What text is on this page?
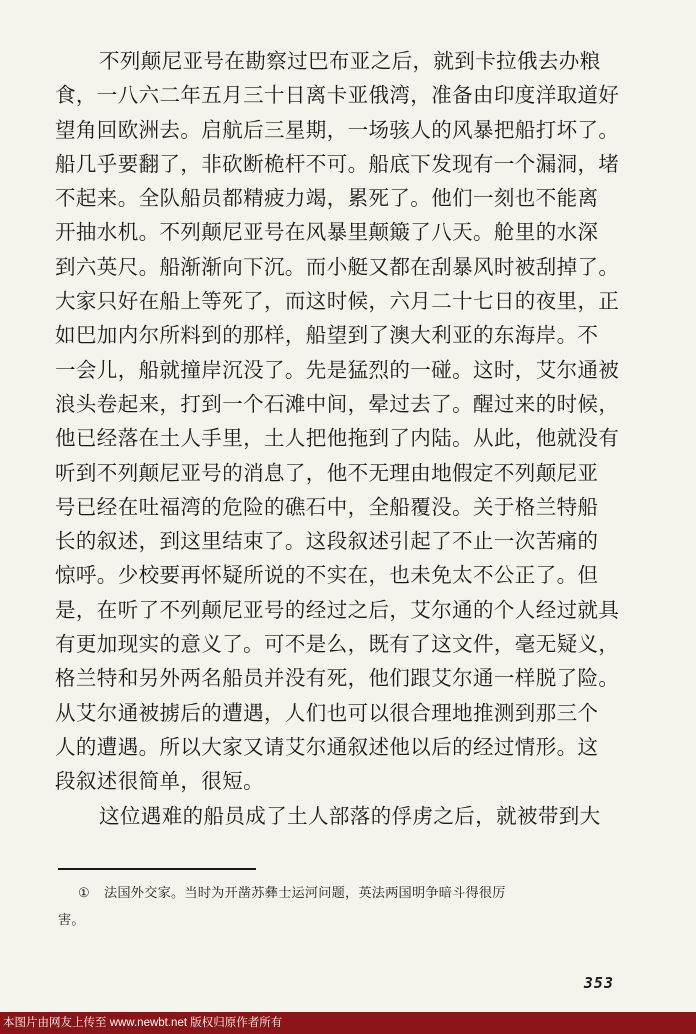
不列颠尼亚号在勘察过巴布亚之后，就到卡拉俄去办粮
食，一八六二年五月三十日离卡亚俄湾，准备由印度洋取道好
望角回欧洲去。启航后三星期，一场骇人的风暴把船打坏了。
船几乎要翻了，非砍断桅杆不可。船底下发现有一个漏洞，堵
不起来。全队船员都精疲力竭，累死了。他们一刻也不能离
开抽水机。不列颠尼亚号在风暴里颠簸了八天。舱里的水深
到六英尺。船渐渐向下沉。而小艇又都在刮暴风时被刮掉了。
大家只好在船上等死了，而这时候，六月二十七日的夜里，正
如巴加内尔所料到的那样，船望到了澳大利亚的东海岸。不
一会儿，船就撞岸沉没了。先是猛烈的一碰。这时，艾尔通被
浪头卷起来，打到一个石滩中间，晕过去了。醒过来的时候，
他已经落在土人手里，土人把他拖到了内陆。从此，他就没有
听到不列颠尼亚号的消息了，他不无理由地假定不列颠尼亚
号已经在吐福湾的危险的礁石中，全船覆没。关于格兰特船
长的叙述，到这里结束了。这段叙述引起了不止一次苦痛的
惊呼。少校要再怀疑所说的不实在，也未免太不公正了。但
是，在听了不列颠尼亚号的经过之后，艾尔通的个人经过就具
有更加现实的意义了。可不是么，既有了这文件，毫无疑义，
格兰特和另外两名船员并没有死，他们跟艾尔通一样脱了险。
从艾尔通被掳后的遭遇，人们也可以很合理地推测到那三个
人的遭遇。所以大家又请艾尔通叙述他以后的经过情形。这
段叙述很简单，很短。
这位遇难的船员成了土人部落的俘虏之后，就被带到大
① 法国外交家。当时为开凿苏彝士运河问题，英法两国明争暗斗得很厉
害。
353
本图片由网友上传至 www.newbt.net 版权归原作者所有
